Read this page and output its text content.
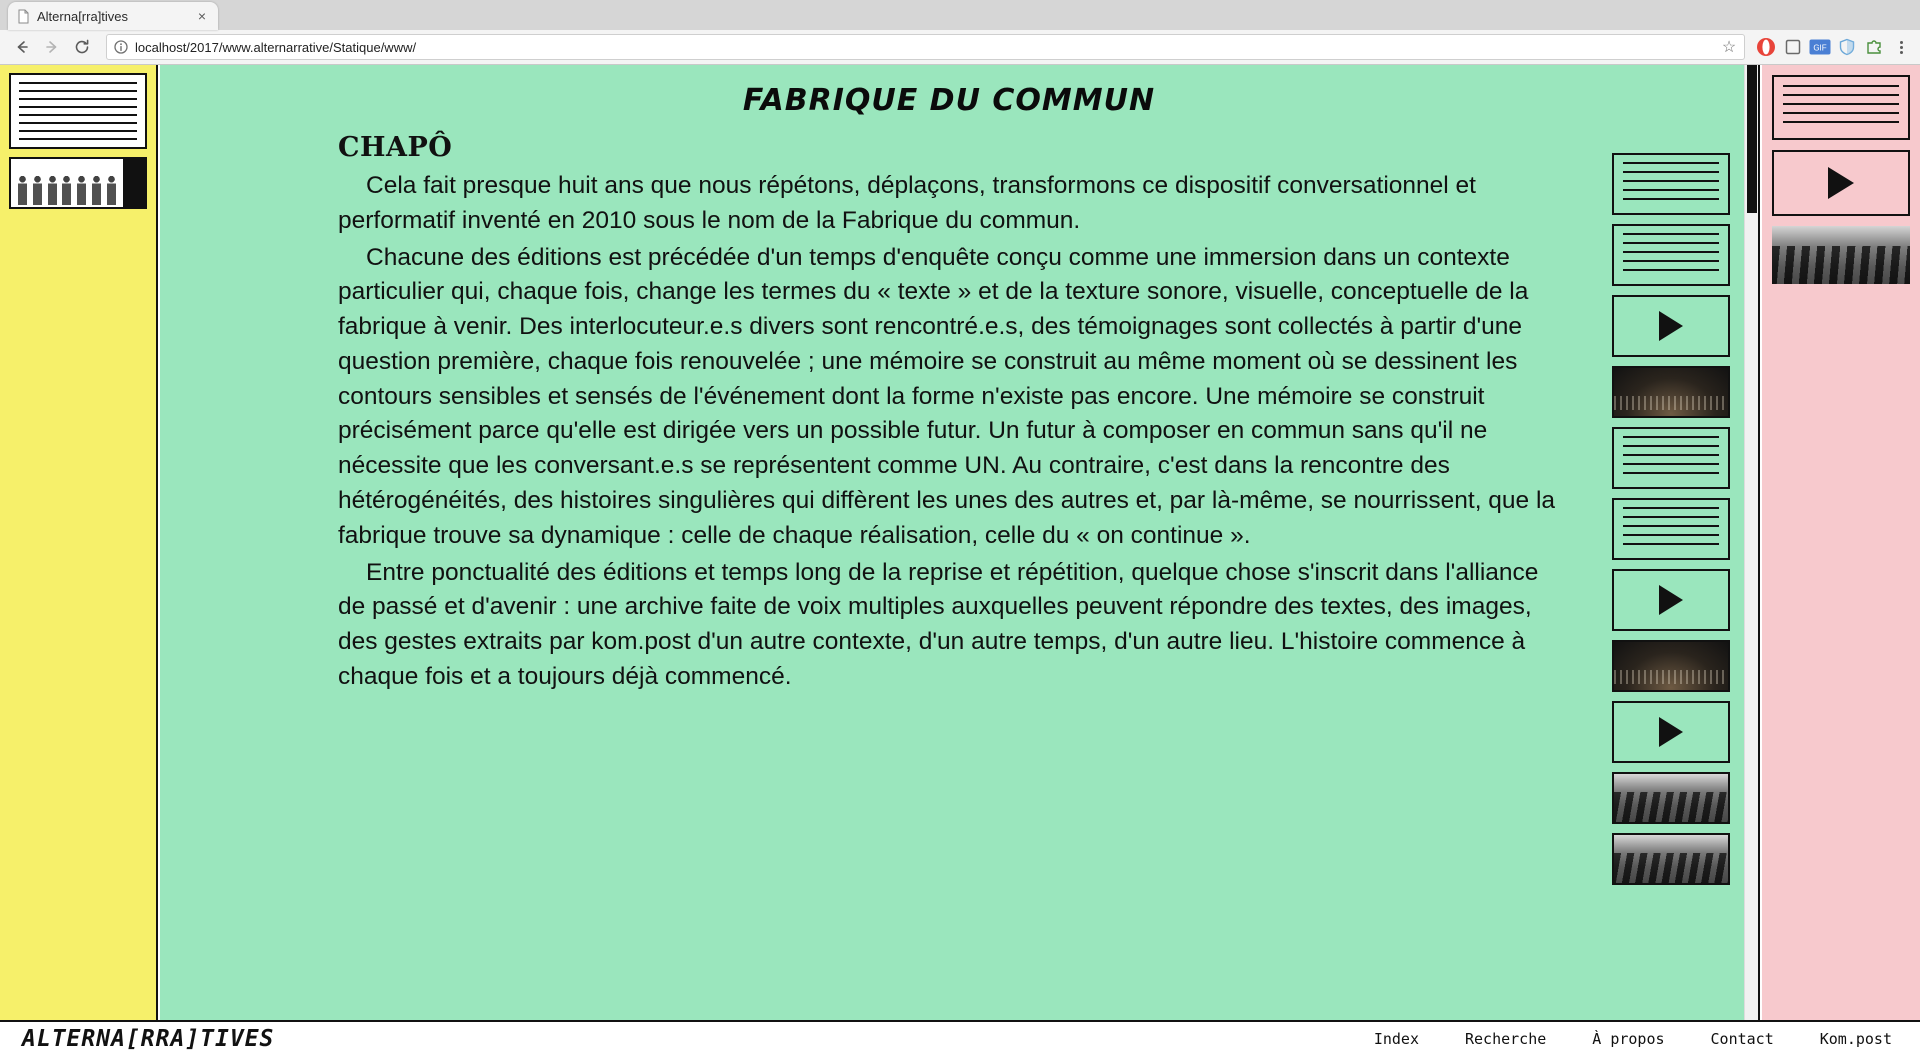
Alterna[rra]tives	×
localhost/2017/www.alternarrative/Statique/www/	☆	GIF
FABRIQUE DU COMMUN
CHAPÔ

Cela fait presque huit ans que nous répétons, déplaçons, transformons ce dispositif conversationnel et performatif inventé en 2010 sous le nom de la Fabrique du commun.

Chacune des éditions est précédée d'un temps d'enquête conçu comme une immersion dans un contexte particulier qui, chaque fois, change les termes du « texte » et de la texture sonore, visuelle, conceptuelle de la fabrique à venir. Des interlocuteur.e.s divers sont rencontré.e.s, des témoignages sont collectés à partir d'une question première, chaque fois renouvelée ; une mémoire se construit au même moment où se dessinent les contours sensibles et sensés de l'événement dont la forme n'existe pas encore. Une mémoire se construit précisément parce qu'elle est dirigée vers un possible futur. Un futur à composer en commun sans qu'il ne nécessite que les conversant.e.s se représentent comme UN. Au contraire, c'est dans la rencontre des hétérogénéités, des histoires singulières qui diffèrent les unes des autres et, par là-même, se nourrissent, que la fabrique trouve sa dynamique : celle de chaque réalisation, celle du « on continue ».

Entre ponctualité des éditions et temps long de la reprise et répétition, quelque chose s'inscrit dans l'alliance de passé et d'avenir : une archive faite de voix multiples auxquelles peuvent répondre des textes, des images, des gestes extraits par kom.post d'un autre contexte, d'un autre temps, d'un autre lieu. L'histoire commence à chaque fois et a toujours déjà commencé.

ALTERNA[RRA]TIVES	Index	Recherche	À propos	Contact	Kom.post
